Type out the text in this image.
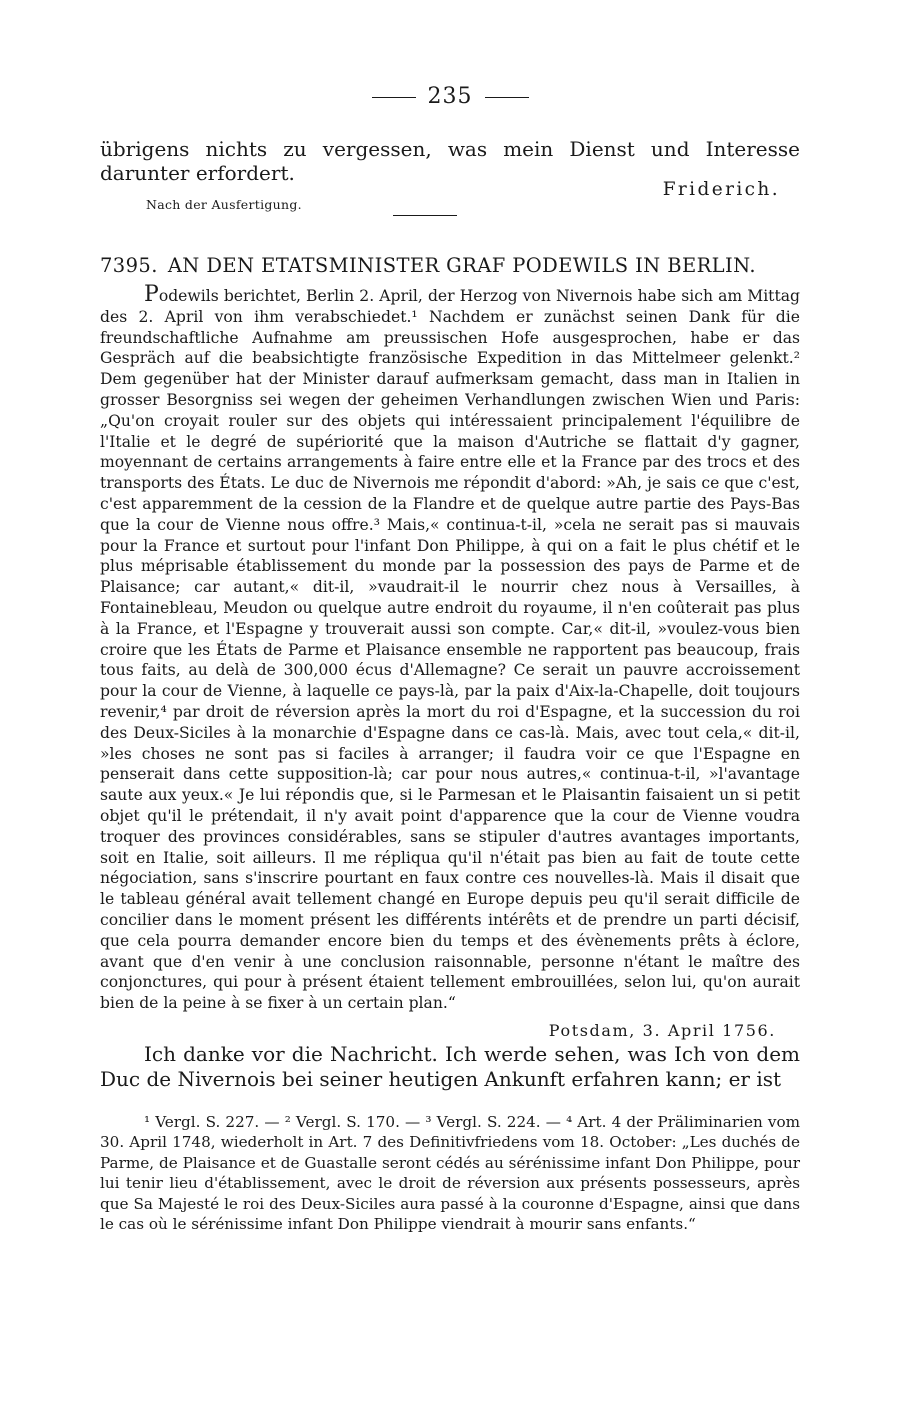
235

übrigens nichts zu vergessen, was mein Dienst und Interesse darunter erfordert.

Nach der Ausfertigung.
Friderich.
7395. AN DEN ETATSMINISTER GRAF PODEWILS IN BERLIN.

Podewils berichtet, Berlin 2. April, der Herzog von Nivernois habe sich am Mittag des 2. April von ihm verabschiedet.¹ Nachdem er zunächst seinen Dank für die freundschaftliche Aufnahme am preussischen Hofe ausgesprochen, habe er das Gespräch auf die beabsichtigte französische Expedition in das Mittelmeer gelenkt.² Dem gegenüber hat der Minister darauf aufmerksam gemacht, dass man in Italien in grosser Besorgniss sei wegen der geheimen Verhandlungen zwischen Wien und Paris: „Qu'on croyait rouler sur des objets qui intéressaient principalement l'équilibre de l'Italie et le degré de supériorité que la maison d'Autriche se flattait d'y gagner, moyennant de certains arrangements à faire entre elle et la France par des trocs et des transports des États. Le duc de Nivernois me répondit d'abord: »Ah, je sais ce que c'est, c'est apparemment de la cession de la Flandre et de quelque autre partie des Pays-Bas que la cour de Vienne nous offre.³ Mais,« continua-t-il, »cela ne serait pas si mauvais pour la France et surtout pour l'infant Don Philippe, à qui on a fait le plus chétif et le plus méprisable établissement du monde par la possession des pays de Parme et de Plaisance; car autant,« dit-il, »vaudrait-il le nourrir chez nous à Versailles, à Fontainebleau, Meudon ou quelque autre endroit du royaume, il n'en coûterait pas plus à la France, et l'Espagne y trouverait aussi son compte. Car,« dit-il, »voulez-vous bien croire que les États de Parme et Plaisance ensemble ne rapportent pas beaucoup, frais tous faits, au delà de 300,000 écus d'Allemagne? Ce serait un pauvre accroissement pour la cour de Vienne, à laquelle ce pays-là, par la paix d'Aix-la-Chapelle, doit toujours revenir,⁴ par droit de réversion après la mort du roi d'Espagne, et la succession du roi des Deux-Siciles à la monarchie d'Espagne dans ce cas-là. Mais, avec tout cela,« dit-il, »les choses ne sont pas si faciles à arranger; il faudra voir ce que l'Espagne en penserait dans cette supposition-là; car pour nous autres,« continua-t-il, »l'avantage saute aux yeux.« Je lui répondis que, si le Parmesan et le Plaisantin faisaient un si petit objet qu'il le prétendait, il n'y avait point d'apparence que la cour de Vienne voudra troquer des provinces considérables, sans se stipuler d'autres avantages importants, soit en Italie, soit ailleurs. Il me répliqua qu'il n'était pas bien au fait de toute cette négociation, sans s'inscrire pourtant en faux contre ces nouvelles-là. Mais il disait que le tableau général avait tellement changé en Europe depuis peu qu'il serait difficile de concilier dans le moment présent les différents intérêts et de prendre un parti décisif, que cela pourra demander encore bien du temps et des évènements prêts à éclore, avant que d'en venir à une conclusion raisonnable, personne n'étant le maître des conjonctures, qui pour à présent étaient tellement embrouillées, selon lui, qu'on aurait bien de la peine à se fixer à un certain plan.“

Potsdam, 3. April 1756.

Ich danke vor die Nachricht. Ich werde sehen, was Ich von dem Duc de Nivernois bei seiner heutigen Ankunft erfahren kann; er ist

¹ Vergl. S. 227. — ² Vergl. S. 170. — ³ Vergl. S. 224. — ⁴ Art. 4 der Präliminarien vom 30. April 1748, wiederholt in Art. 7 des Definitivfriedens vom 18. October: „Les duchés de Parme, de Plaisance et de Guastalle seront cédés au sérénissime infant Don Philippe, pour lui tenir lieu d'établissement, avec le droit de réversion aux présents possesseurs, après que Sa Majesté le roi des Deux-Siciles aura passé à la couronne d'Espagne, ainsi que dans le cas où le sérénissime infant Don Philippe viendrait à mourir sans enfants.“
